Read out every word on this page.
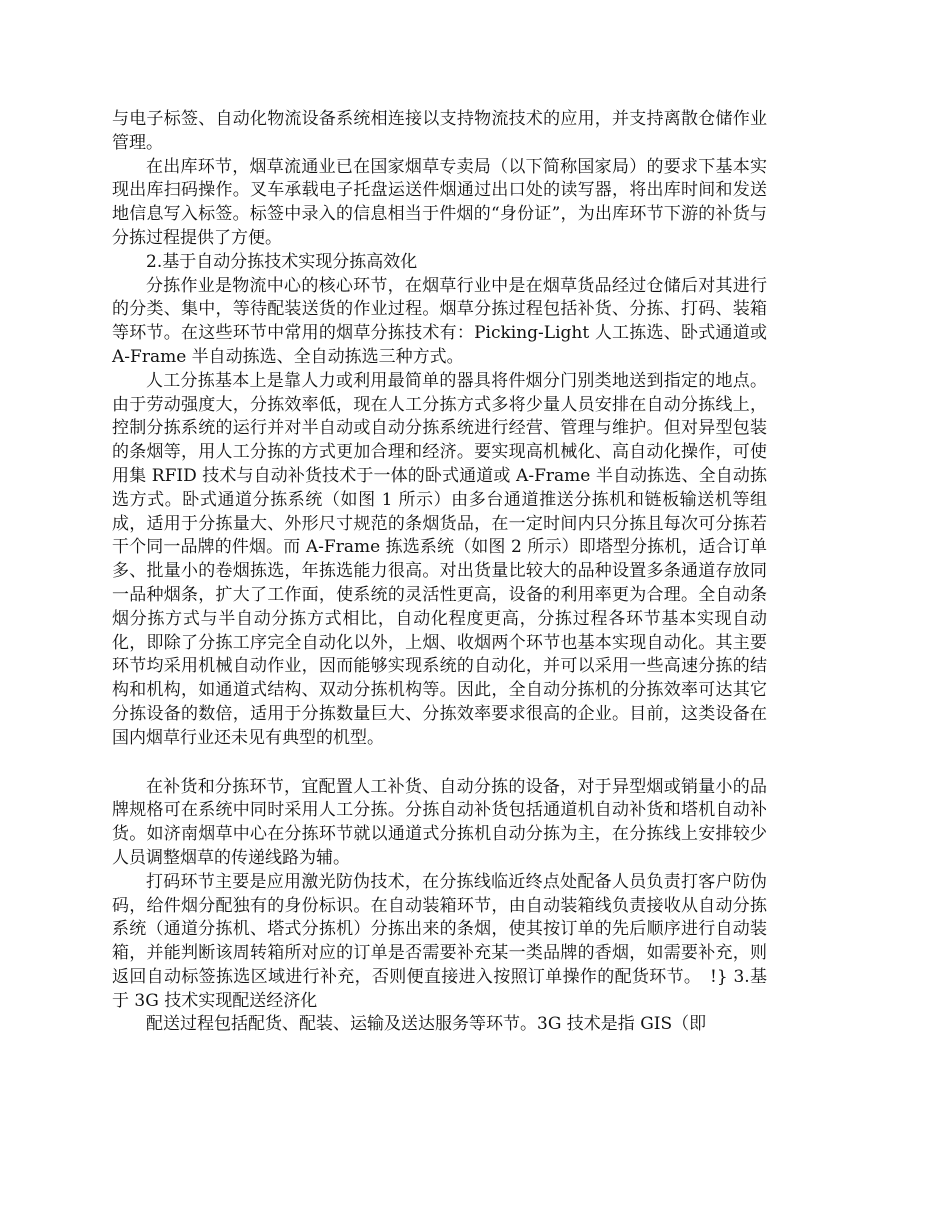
与电子标签、自动化物流设备系统相连接以支持物流技术的应用，并支持离散仓储作业管理。

在出库环节，烟草流通业已在国家烟草专卖局（以下简称国家局）的要求下基本实现出库扫码操作。叉车承载电子托盘运送件烟通过出口处的读写器，将出库时间和发送地信息写入标签。标签中录入的信息相当于件烟的“身份证”，为出库环节下游的补货与分拣过程提供了方便。

2.基于自动分拣技术实现分拣高效化

分拣作业是物流中心的核心环节，在烟草行业中是在烟草货品经过仓储后对其进行的分类、集中，等待配装送货的作业过程。烟草分拣过程包括补货、分拣、打码、装箱等环节。在这些环节中常用的烟草分拣技术有：Picking-Light 人工拣选、卧式通道或 A-Frame 半自动拣选、全自动拣选三种方式。

人工分拣基本上是靠人力或利用最简单的器具将件烟分门别类地送到指定的地点。由于劳动强度大，分拣效率低，现在人工分拣方式多将少量人员安排在自动分拣线上，控制分拣系统的运行并对半自动或自动分拣系统进行经营、管理与维护。但对异型包装的条烟等，用人工分拣的方式更加合理和经济。要实现高机械化、高自动化操作，可使用集 RFID 技术与自动补货技术于一体的卧式通道或 A-Frame 半自动拣选、全自动拣选方式。卧式通道分拣系统（如图 1 所示）由多台通道推送分拣机和链板输送机等组成，适用于分拣量大、外形尺寸规范的条烟货品，在一定时间内只分拣且每次可分拣若干个同一品牌的件烟。而 A-Frame 拣选系统（如图 2 所示）即塔型分拣机，适合订单多、批量小的卷烟拣选，年拣选能力很高。对出货量比较大的品种设置多条通道存放同一品种烟条，扩大了工作面，使系统的灵活性更高，设备的利用率更为合理。全自动条烟分拣方式与半自动分拣方式相比，自动化程度更高，分拣过程各环节基本实现自动化，即除了分拣工序完全自动化以外，上烟、收烟两个环节也基本实现自动化。其主要环节均采用机械自动作业，因而能够实现系统的自动化，并可以采用一些高速分拣的结构和机构，如通道式结构、双动分拣机构等。因此，全自动分拣机的分拣效率可达其它分拣设备的数倍，适用于分拣数量巨大、分拣效率要求很高的企业。目前，这类设备在国内烟草行业还未见有典型的机型。

在补货和分拣环节，宜配置人工补货、自动分拣的设备，对于异型烟或销量小的品牌规格可在系统中同时采用人工分拣。分拣自动补货包括通道机自动补货和塔机自动补货。如济南烟草中心在分拣环节就以通道式分拣机自动分拣为主，在分拣线上安排较少人员调整烟草的传递线路为辅。

打码环节主要是应用激光防伪技术，在分拣线临近终点处配备人员负责打客户防伪码，给件烟分配独有的身份标识。在自动装箱环节，由自动装箱线负责接收从自动分拣系统（通道分拣机、塔式分拣机）分拣出来的条烟，使其按订单的先后顺序进行自动装箱，并能判断该周转箱所对应的订单是否需要补充某一类品牌的香烟，如需要补充，则返回自动标签拣选区域进行补充，否则便直接进入按照订单操作的配货环节。　!} 3.基于 3G 技术实现配送经济化

配送过程包括配货、配装、运输及送达服务等环节。3G 技术是指 GIS（即
